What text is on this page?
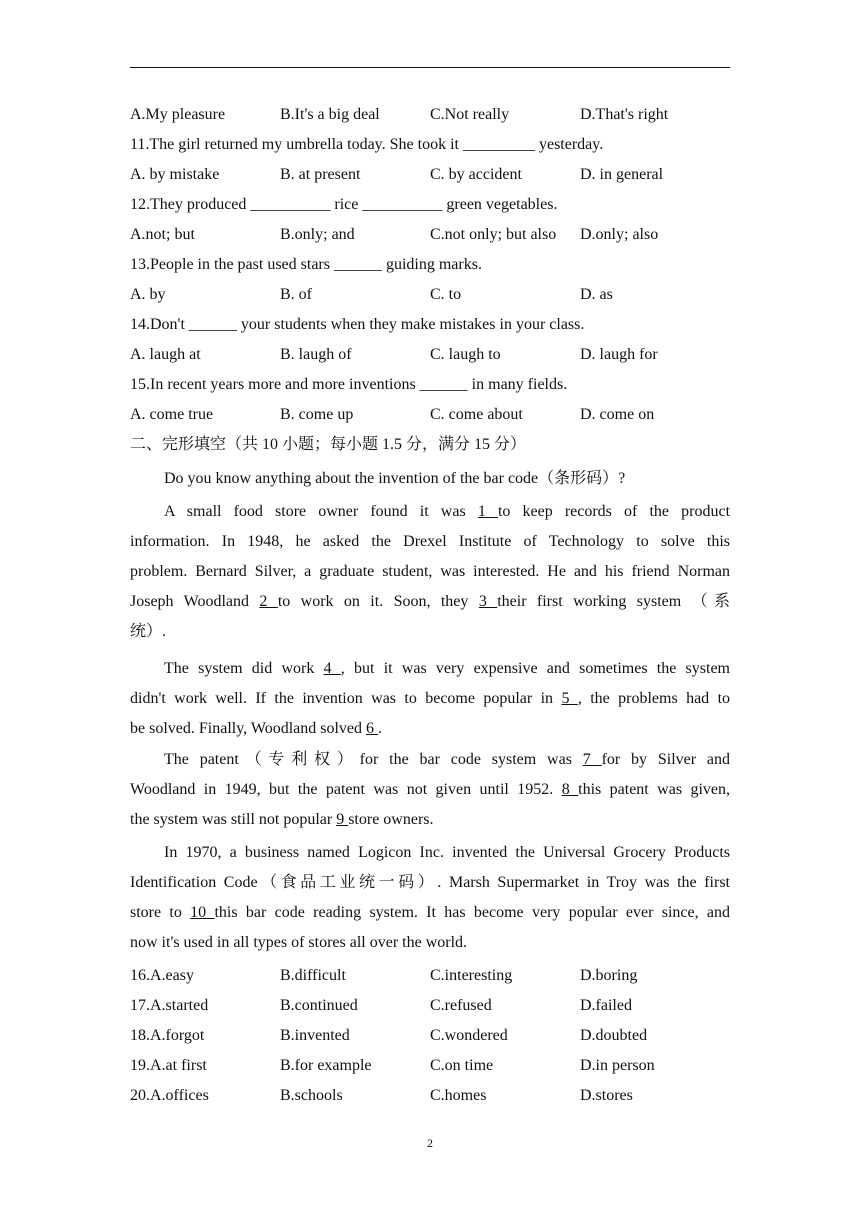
A.My pleasure	B.It's a big deal	C.Not really	D.That's right
A. by mistake	B. at present	C. by accident	D. in general
A.not; but	B.only; and	C.not only; but also D.only; also
A. by	B. of	C. to	D. as
A. laugh at	B. laugh of	C. laugh to	D. laugh for
A. come true	B. come up	C. come about	D. come on
16.A.easy	B.difficult	C.interesting	D.boring
17.A.started	B.continued	C.refused	D.failed
18.A.forgot	B.invented	C.wondered	D.doubted
19.A.at first	B.for example	C.on time	D.in person
20.A.offices	B.schools	C.homes	D.stores
11.The girl returned my umbrella today. She took it _________ yesterday.
12.They produced __________ rice __________ green vegetables.
13.People in the past used stars ______ guiding marks.
14.Don't ______ your students when they make mistakes in your class.
15.In recent years more and more inventions ______ in many fields.
二、完形填空（共 10 小题；每小题 1.5 分，满分 15 分）
Do you know anything about the invention of the bar code（条形码）?
A small food store owner found it was 1 to keep records of the product
information. In 1948, he asked the Drexel Institute of Technology to solve this
problem. Bernard Silver, a graduate student, was interested. He and his friend Norman
Joseph Woodland 2 to work on it. Soon, they 3 their first working system （系
统）.
The system did work 4 , but it was very expensive and sometimes the system
didn't work well. If the invention was to become popular in 5 , the problems had to
be solved. Finally, Woodland solved 6 .
The patent（专利权）for the bar code system was 7 for by Silver and
Woodland in 1949, but the patent was not given until 1952. 8 this patent was given,
the system was still not popular 9 store owners.
In 1970, a business named Logicon Inc. invented the Universal Grocery Products
Identification Code（食品工业统一码）. Marsh Supermarket in Troy was the first
store to 10 this bar code reading system. It has become very popular ever since, and
now it's used in all types of stores all over the world.
2
